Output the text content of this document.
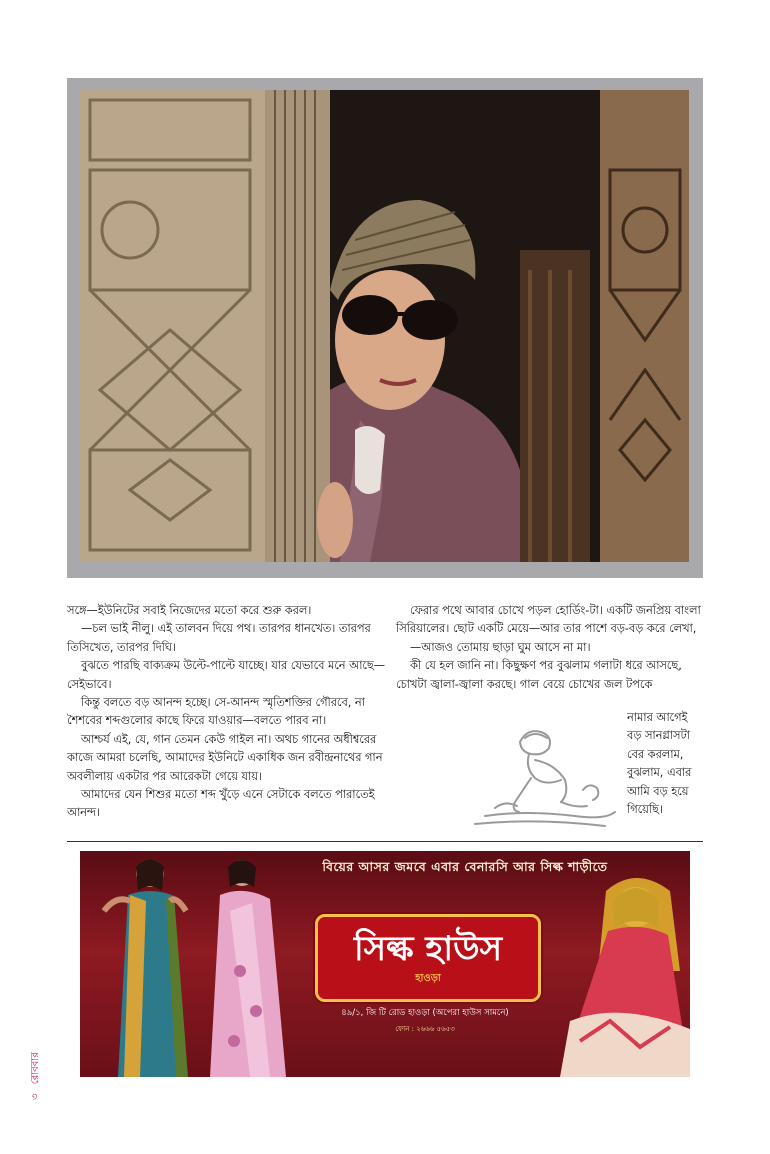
সঙ্গে—ইউনিটের সবাই নিজেদের মতো করে শুরু করল।

—চল ভাই নীলু। এই তালবন দিয়ে পথ। তারপর ধানখেত। তারপর তিসিখেত, তারপর দিঘি।

বুঝতে পারছি বাক্যক্রম উল্টে-পাল্টে যাচ্ছে। যার যেভাবে মনে আছে—সেইভাবে।

কিন্তু বলতে বড় আনন্দ হচ্ছে। সে-আনন্দ স্মৃতিশক্তির গৌরবে, না শৈশবের শব্দগুলোর কাছে ফিরে যাওয়ার—বলতে পারব না।

আশ্চর্য এই, যে, গান তেমন কেউ গাইল না। অথচ গানের অধীশ্বরের কাজে আমরা চলেছি, আমাদের ইউনিটে একাধিক জন রবীন্দ্রনাথের গান অবলীলায় একটার পর আরেকটা গেয়ে যায়।

আমাদের যেন শিশুর মতো শব্দ খুঁড়ে এনে সেটাকে বলতে পারাতেই আনন্দ।

ফেরার পথে আবার চোখে পড়ল হোর্ডিং-টা। একটি জনপ্রিয় বাংলা সিরিয়ালের। ছোট একটি মেয়ে—আর তার পাশে বড়-বড় করে লেখা,

—আজও তোমায় ছাড়া ঘুম আসে না মা।

কী যে হল জানি না। কিছুক্ষণ পর বুঝলাম গলাটা ধরে আসছে, চোখটা জ্বালা-জ্বালা করছে। গাল বেয়ে চোখের জল টপকে

নামার আগেই
বড় সানগ্লাসটা
বের করলাম,
বুঝলাম, এবার
আমি বড় হয়ে
গিয়েছি।
বিয়ের আসর জমবে এবার বেনারসি আর সিল্ক শাড়ীতে
সিল্ক হাউস
হাওড়া
৪৯/১, জি টি রোড হাওড়া (অপেরা হাউস সামনে)
ফোন : ২৬৬৬ ৫৬৫৩
৩ রোববার
